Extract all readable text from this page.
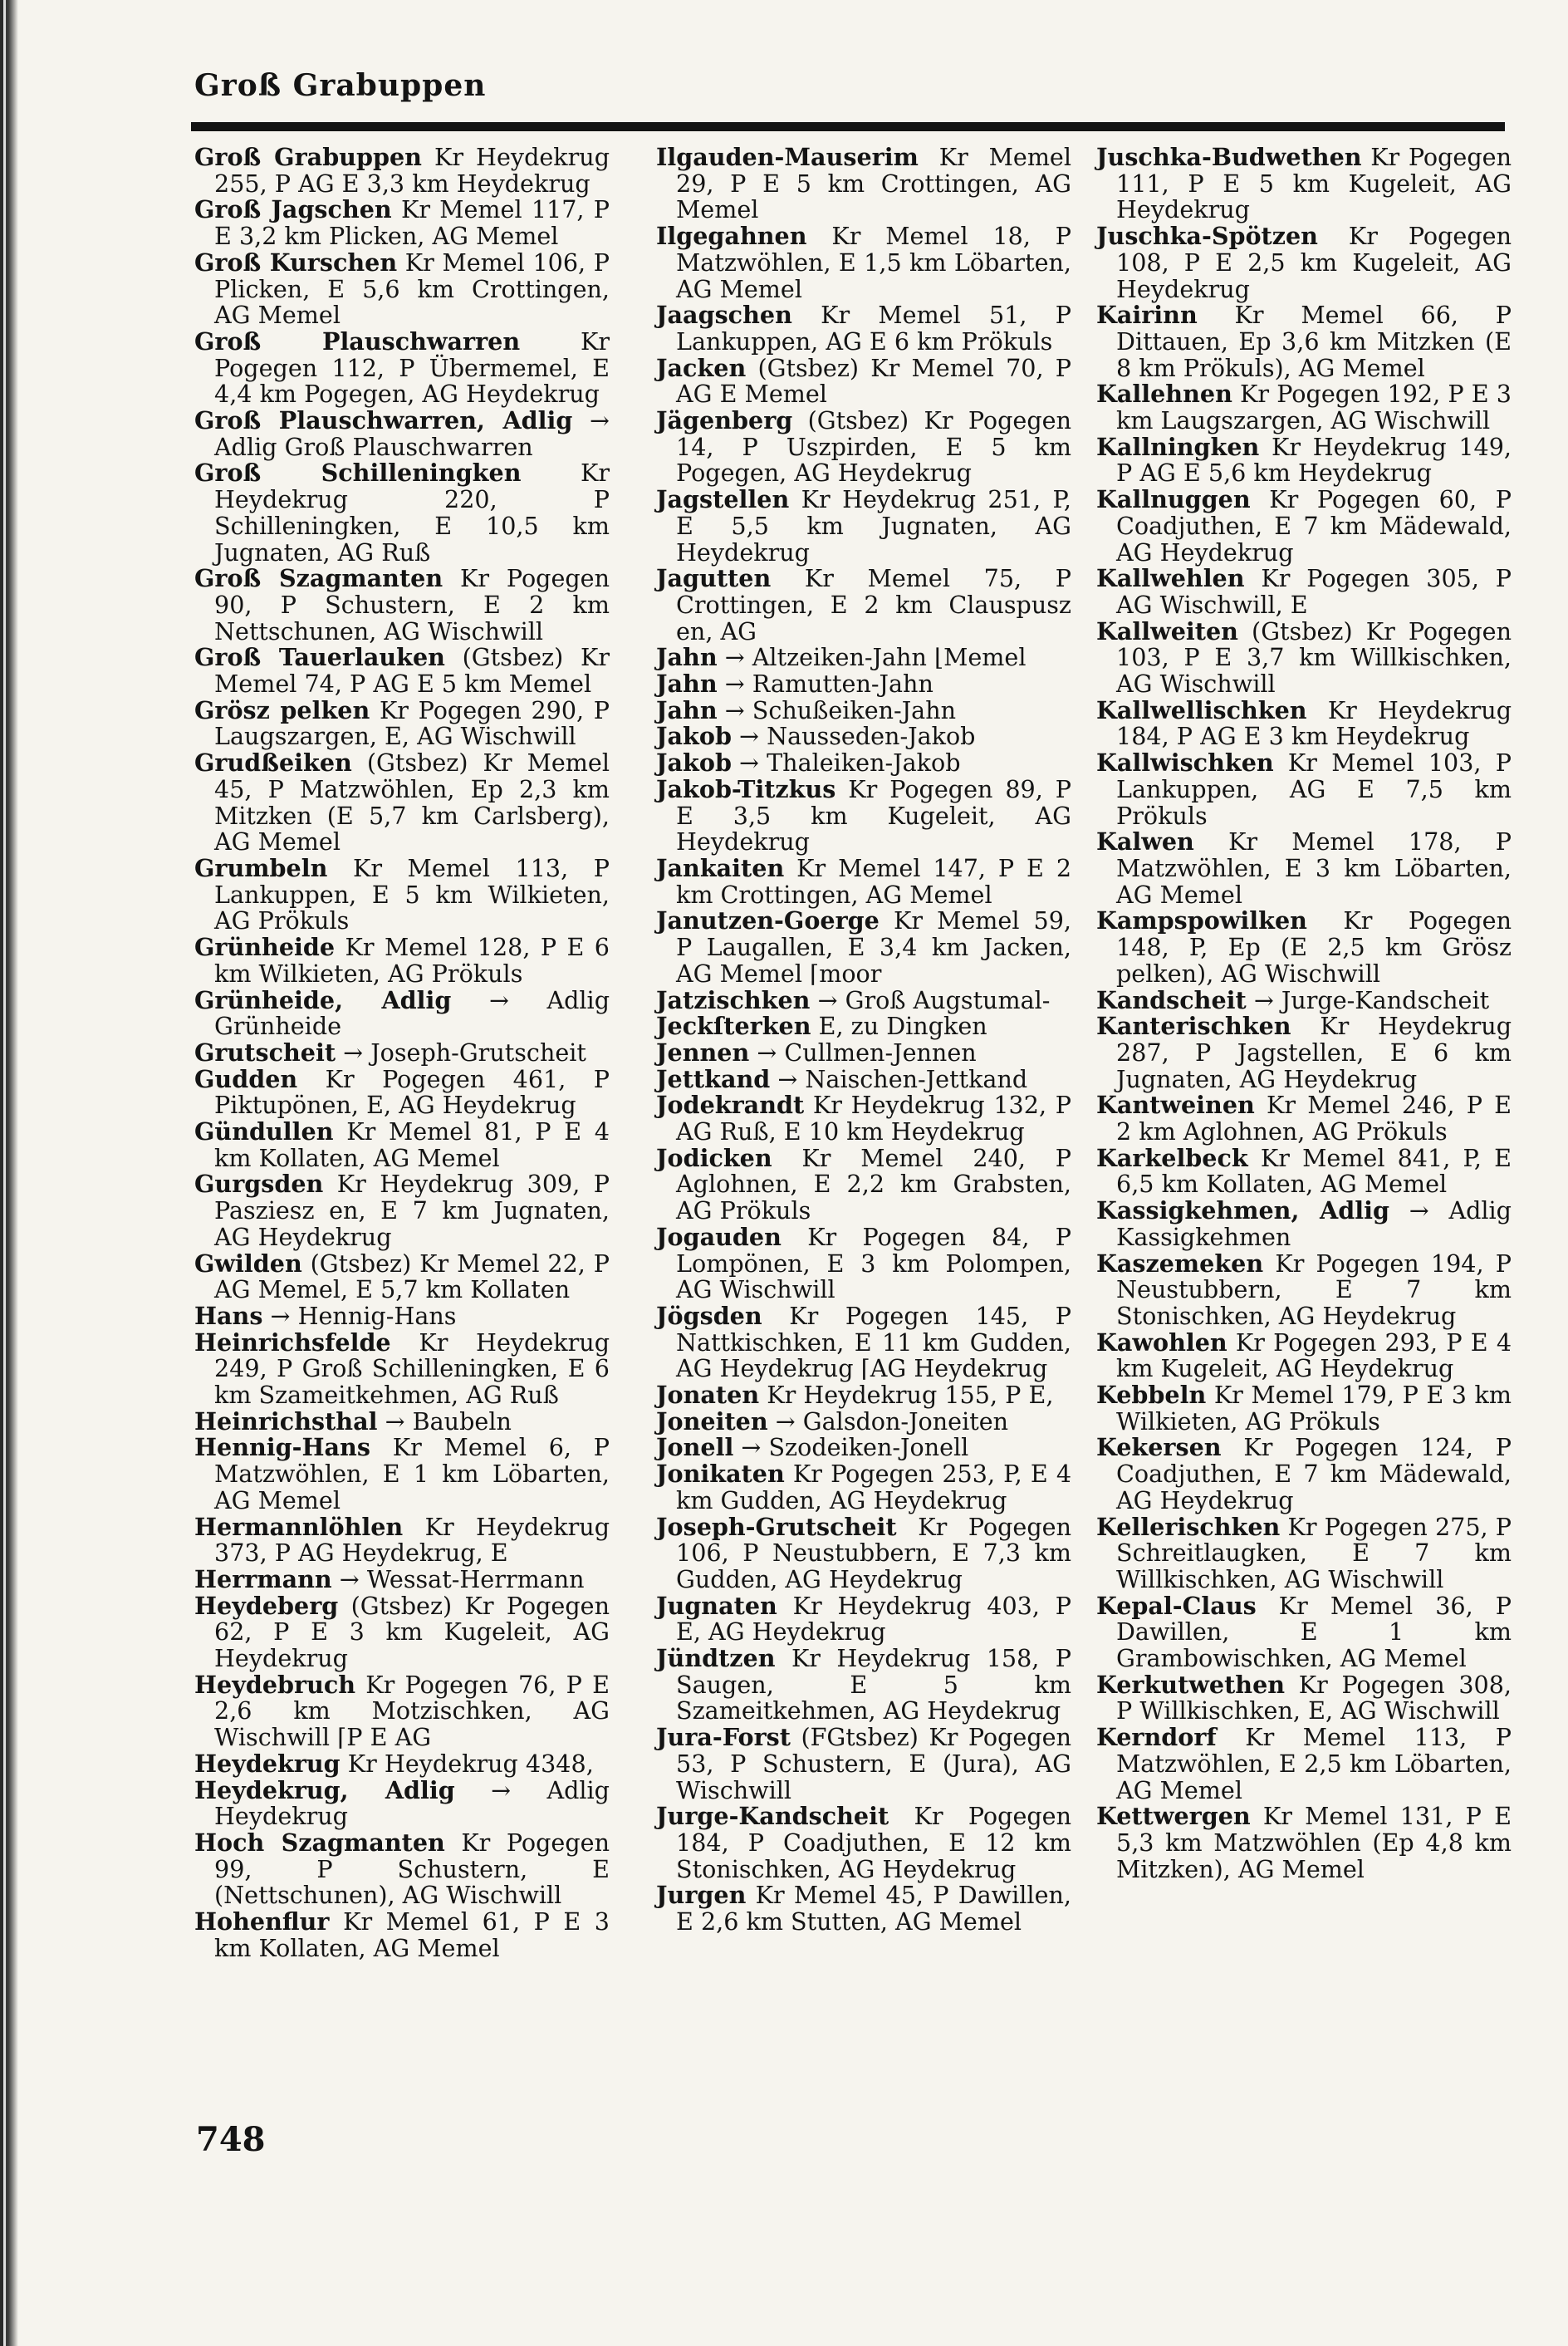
Groß Grabuppen

Groß Grabuppen Kr Heydekrug 255, P AG E 3,3 km Heydekrug

Groß Jagschen Kr Memel 117, P E 3,2 km Plicken, AG Memel

Groß Kurschen Kr Memel 106, P Plicken, E 5,6 km Crottingen, AG Memel

Groß Plauschwarren	Kr Pogegen 112, P Übermemel, E 4,4 km Pogegen, AG Heydekrug

Groß Plauschwarren, Adlig → Adlig Groß Plauschwarren

Groß Schilleningken Kr Heydekrug 220, P Schilleningken, E 10,5 km Jugnaten, AG Ruß

Groß Szagmanten Kr Pogegen 90, P Schustern, E 2 km Nettschunen, AG Wischwill

Groß Tauerlauken (Gtsbez) Kr Memel 74, P AG E 5 km Memel

Grösz pelken Kr Pogegen 290, P Laugszargen, E, AG Wischwill

Grudßeiken (Gtsbez) Kr Memel 45, P Matzwöhlen, Ep 2,3 km Mitzken (E 5,7 km Carlsberg), AG Memel

Grumbeln Kr Memel 113, P Lankuppen, E 5 km Wilkieten, AG Prökuls

Grünheide Kr Memel 128, P E 6 km Wilkieten, AG Prökuls

Grünheide, Adlig → Adlig Grünheide

Grutscheit → Joseph-Grutscheit

Gudden Kr Pogegen 461, P Piktupönen, E, AG Heydekrug

Gündullen Kr Memel 81, P E 4 km Kollaten, AG Memel

Gurgsden Kr Heydekrug 309, P Pasziesz en, E 7 km Jugnaten, AG Heydekrug

Gwilden (Gtsbez) Kr Memel 22, P AG Memel, E 5,7 km Kollaten

Hans → Hennig-Hans

Heinrichsfelde Kr Heydekrug 249, P Groß Schilleningken, E 6 km Szameitkehmen, AG Ruß

Heinrichsthal → Baubeln

Hennig-Hans Kr Memel 6, P Matzwöhlen, E 1 km Löbarten, AG Memel

Hermannlöhlen Kr Heydekrug 373, P AG Heydekrug, E

Herrmann → Wessat-Herrmann

Heydeberg (Gtsbez) Kr Pogegen 62, P E 3 km Kugeleit, AG Heydekrug

Heydebruch Kr Pogegen 76, P E 2,6 km Motzischken, AG Wischwill ⌈P E AG

Heydekrug Kr Heydekrug 4348,

Heydekrug, Adlig → Adlig Heydekrug

Hoch Szagmanten Kr Pogegen 99, P Schustern, E (Nettschunen), AG Wischwill

Hohenflur Kr Memel 61, P E 3 km Kollaten, AG Memel

Ilgauden-Mauserim Kr Memel 29, P E 5 km Crottingen, AG Memel

Ilgegahnen Kr Memel 18, P Matzwöhlen, E 1,5 km Löbarten, AG Memel

Jaagschen Kr Memel 51, P Lankuppen, AG E 6 km Prökuls

Jacken (Gtsbez) Kr Memel 70, P AG E Memel

Jägenberg (Gtsbez) Kr Pogegen 14, P Uszpirden, E 5 km Pogegen, AG Heydekrug

Jagstellen Kr Heydekrug 251, P, E 5,5 km Jugnaten, AG Heydekrug

Jagutten Kr Memel 75, P Crottingen, E 2 km Clauspusz en, AG

Jahn → Altzeiken-Jahn ⌊Memel

Jahn → Ramutten-Jahn

Jahn → Schußeiken-Jahn

Jakob → Nausseden-Jakob

Jakob → Thaleiken-Jakob

Jakob-Titzkus Kr Pogegen 89, P E 3,5 km Kugeleit, AG Heydekrug

Jankaiten Kr Memel 147, P E 2 km Crottingen, AG Memel

Janutzen-Goerge Kr Memel 59, P Laugallen, E 3,4 km Jacken, AG Memel ⌈moor

Jatzischken → Groß Augstumal-

Jeckſterken E, zu Dingken

Jennen → Cullmen-Jennen

Jettkand → Naischen-Jettkand

Jodekrandt Kr Heydekrug 132, P AG Ruß, E 10 km Heydekrug

Jodicken Kr Memel 240, P Aglohnen, E 2,2 km Grabsten, AG Prökuls

Jogauden Kr Pogegen 84, P Lompönen, E 3 km Polompen, AG Wischwill

Jögsden Kr Pogegen 145, P Nattkischken, E 11 km Gudden, AG Heydekrug ⌈AG Heydekrug

Jonaten Kr Heydekrug 155, P E,

Joneiten → Galsdon-Joneiten

Jonell → Szodeiken-Jonell

Jonikaten Kr Pogegen 253, P, E 4 km Gudden, AG Heydekrug

Joseph-Grutscheit Kr Pogegen 106, P Neustubbern, E 7,3 km Gudden, AG Heydekrug

Jugnaten Kr Heydekrug 403, P E, AG Heydekrug

Jündtzen Kr Heydekrug 158, P Saugen, E 5 km Szameitkehmen, AG Heydekrug

Jura-Forst (FGtsbez) Kr Pogegen 53, P Schustern, E (Jura), AG Wischwill

Jurge-Kandscheit Kr Pogegen 184, P Coadjuthen, E 12 km Stonischken, AG Heydekrug

Jurgen Kr Memel 45, P Dawillen, E 2,6 km Stutten, AG Memel

Juschka-Budwethen Kr Pogegen 111, P E 5 km Kugeleit, AG Heydekrug

Juschka-Spötzen Kr Pogegen 108, P E 2,5 km Kugeleit, AG Heydekrug

Kairinn Kr Memel 66, P Dittauen, Ep 3,6 km Mitzken (E 8 km Prökuls), AG Memel

Kallehnen Kr Pogegen 192, P E 3 km Laugszargen, AG Wischwill

Kallningken Kr Heydekrug 149, P AG E 5,6 km Heydekrug

Kallnuggen Kr Pogegen 60, P Coadjuthen, E 7 km Mädewald, AG Heydekrug

Kallwehlen Kr Pogegen 305, P AG Wischwill, E

Kallweiten (Gtsbez) Kr Pogegen 103, P E 3,7 km Willkischken, AG Wischwill

Kallwellischken Kr Heydekrug 184, P AG E 3 km Heydekrug

Kallwischken Kr Memel 103, P Lankuppen, AG E 7,5 km Prökuls

Kalwen Kr Memel 178, P Matzwöhlen, E 3 km Löbarten, AG Memel

Kampspowilken Kr Pogegen 148, P, Ep (E 2,5 km Grösz pelken), AG Wischwill

Kandscheit → Jurge-Kandscheit

Kanterischken Kr Heydekrug 287, P Jagstellen, E 6 km Jugnaten, AG Heydekrug

Kantweinen Kr Memel 246, P E 2 km Aglohnen, AG Prökuls

Karkelbeck Kr Memel 841, P, E 6,5 km Kollaten, AG Memel

Kassigkehmen, Adlig → Adlig Kassigkehmen

Kaszemeken Kr Pogegen 194, P Neustubbern, E 7 km Stonischken, AG Heydekrug

Kawohlen Kr Pogegen 293, P E 4 km Kugeleit, AG Heydekrug

Kebbeln Kr Memel 179, P E 3 km Wilkieten, AG Prökuls

Kekersen Kr Pogegen 124, P Coadjuthen, E 7 km Mädewald, AG Heydekrug

Kellerischken Kr Pogegen 275, P Schreitlaugken, E 7 km Willkischken, AG Wischwill

Kepal-Claus Kr Memel 36, P Dawillen, E 1 km Grambowischken, AG Memel

Kerkutwethen Kr Pogegen 308, P Willkischken, E, AG Wischwill

Kerndorf Kr Memel 113, P Matzwöhlen, E 2,5 km Löbarten, AG Memel

Kettwergen Kr Memel 131, P E 5,3 km Matzwöhlen (Ep 4,8 km Mitzken), AG Memel

748
